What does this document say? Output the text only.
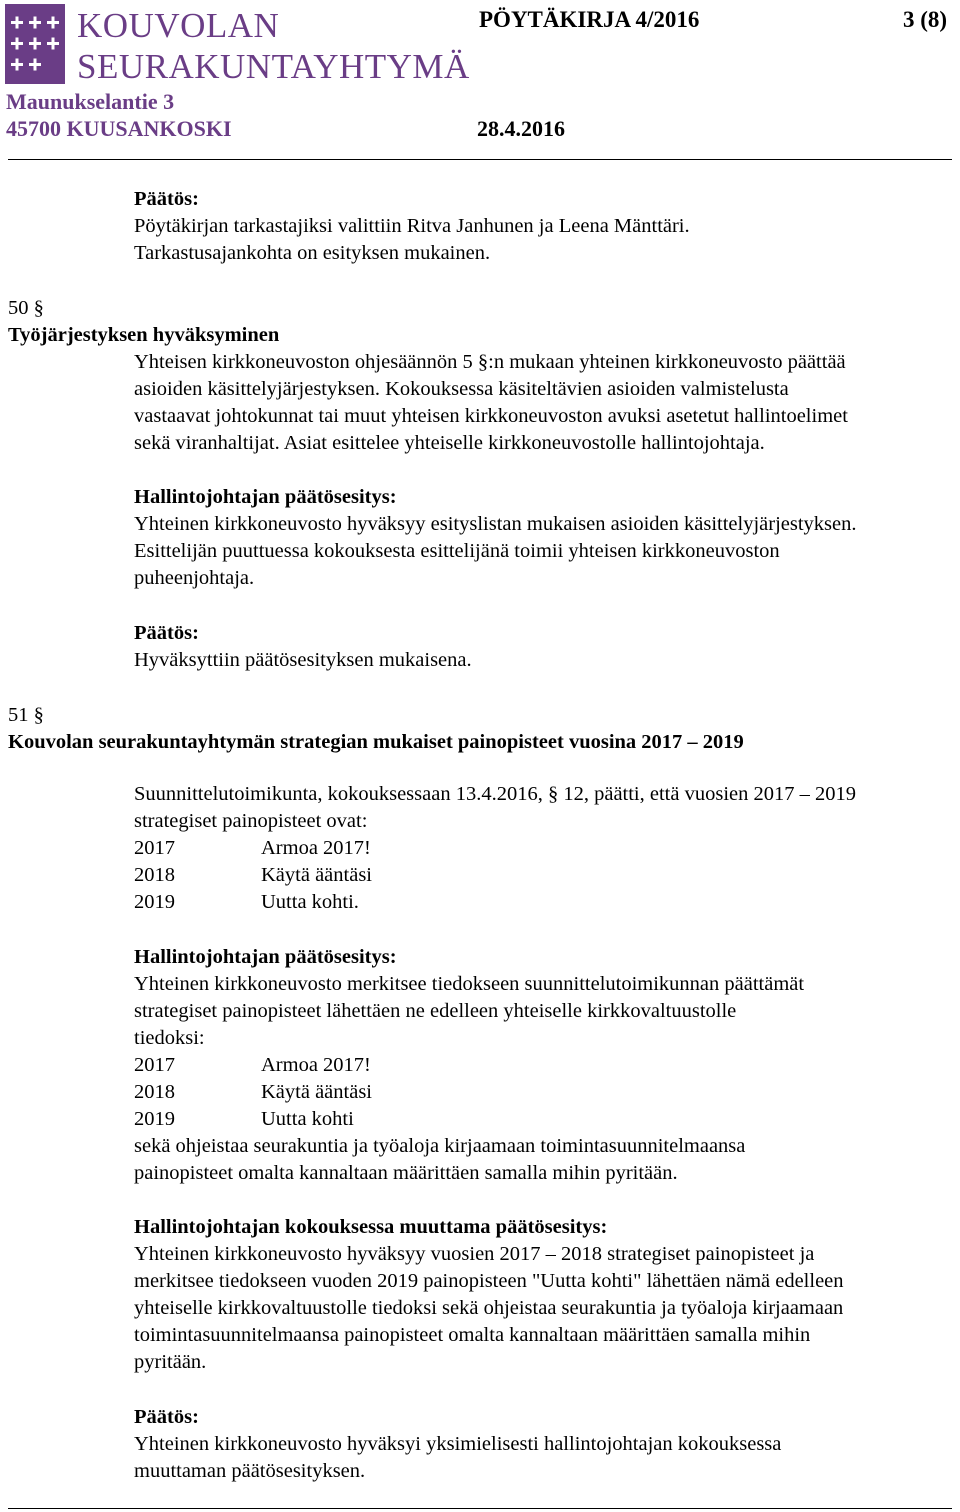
KOUVOLAN
SEURAKUNTAYHTYMÄ
PÖYTÄKIRJA 4/2016	3 (8)
Maunukselantie 3
45700 KUUSANKOSKI	28.4.2016
Päätös:
Pöytäkirjan tarkastajiksi valittiin Ritva Janhunen ja Leena Mänttäri.
Tarkastusajankohta on esityksen mukainen.
50 §
Työjärjestyksen hyväksyminen
Yhteisen kirkkoneuvoston ohjesäännön 5 §:n mukaan yhteinen kirkkoneuvosto päättää
asioiden käsittelyjärjestyksen. Kokouksessa käsiteltävien asioiden valmistelusta
vastaavat johtokunnat tai muut yhteisen kirkkoneuvoston avuksi asetetut hallintoelimet
sekä viranhaltijat. Asiat esittelee yhteiselle kirkkoneuvostolle hallintojohtaja.
Hallintojohtajan päätösesitys:
Yhteinen kirkkoneuvosto hyväksyy esityslistan mukaisen asioiden käsittelyjärjestyksen.
Esittelijän puuttuessa kokouksesta esittelijänä toimii yhteisen kirkkoneuvoston
puheenjohtaja.
Päätös:
Hyväksyttiin päätösesityksen mukaisena.
51 §
Kouvolan seurakuntayhtymän strategian mukaiset painopisteet vuosina 2017 – 2019
Suunnittelutoimikunta, kokouksessaan 13.4.2016, § 12, päätti, että vuosien 2017 – 2019
strategiset painopisteet ovat:
2017	Armoa 2017!
2018	Käytä ääntäsi
2019	Uutta kohti.
Hallintojohtajan päätösesitys:
Yhteinen kirkkoneuvosto merkitsee tiedokseen suunnittelutoimikunnan päättämät
strategiset painopisteet lähettäen ne edelleen yhteiselle kirkkovaltuustolle
tiedoksi:
2017	Armoa 2017!
2018	Käytä ääntäsi
2019	Uutta kohti
sekä ohjeistaa seurakuntia ja työaloja kirjaamaan toimintasuunnitelmaansa
painopisteet omalta kannaltaan määrittäen samalla mihin pyritään.
Hallintojohtajan kokouksessa muuttama päätösesitys:
Yhteinen kirkkoneuvosto hyväksyy vuosien 2017 – 2018 strategiset painopisteet ja
merkitsee tiedokseen vuoden 2019 painopisteen "Uutta kohti" lähettäen nämä edelleen
yhteiselle kirkkovaltuustolle tiedoksi sekä ohjeistaa seurakuntia ja työaloja kirjaamaan
toimintasuunnitelmaansa painopisteet omalta kannaltaan määrittäen samalla mihin
pyritään.
Päätös:
Yhteinen kirkkoneuvosto hyväksyi yksimielisesti hallintojohtajan kokouksessa
muuttaman päätösesityksen.
